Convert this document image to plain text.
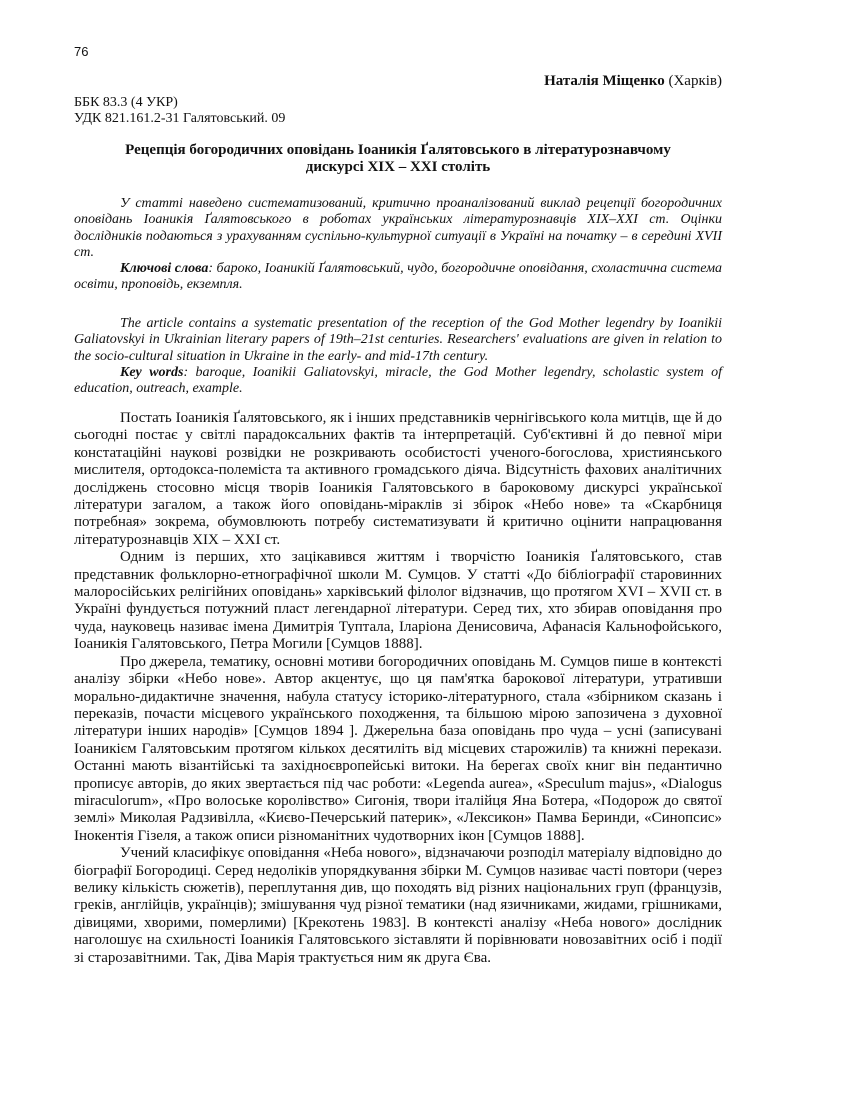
76
Наталія Міщенко (Харків)
ББК 83.3 (4 УКР)
УДК 821.161.2-31 Галятовський. 09
Рецепція богородичних оповідань Іоаникія Ґалятовського в літературознавчому
дискурсі ХІХ – ХХІ століть

У статті наведено систематизований, критично проаналізований виклад рецепції богородичних оповідань Іоаникія Ґалятовського в роботах українських літературознавців ХІХ–ХХІ ст. Оцінки дослідників подаються з урахуванням суспільно-культурної ситуації в Україні на початку – в середині XVII ст.

Ключові слова: бароко, Іоаникій Ґалятовський, чудо, богородичне оповідання, схоластична система освіти, проповідь, екземпля.

The article contains a systematic presentation of the reception of the God Mother legendry by Ioanikii Galiatovskyi in Ukrainian literary papers of 19th–21st centuries. Researchers' evaluations are given in relation to the socio-cultural situation in Ukraine in the early- and mid-17th century.

Key words: baroque, Ioanikii Galiatovskyi, miracle, the God Mother legendry, scholastic system of education, outreach, example.

Постать Іоаникія Ґалятовського, як і інших представників чернігівського кола митців, ще й до сьогодні постає у світлі парадоксальних фактів та інтерпретацій. Суб'єктивні й до певної міри констатаційні наукові розвідки не розкривають особистості ученого-богослова, християнського мислителя, ортодокса-полеміста та активного громадського діяча. Відсутність фахових аналітичних досліджень стосовно місця творів Іоаникія Галятовського в бароковому дискурсі української літератури загалом, а також його оповідань-міраклів зі збірок «Небо нове» та «Скарбниця потребная» зокрема, обумовлюють потребу систематизувати й критично оцінити напрацювання літературознавців ХІХ – ХХІ ст.

Одним із перших, хто зацікавився життям і творчістю Іоаникія Ґалятовського, став представник фольклорно-етнографічної школи М. Сумцов. У статті «До бібліографії старовинних малоросійських релігійних оповідань» харківський філолог відзначив, що протягом XVI – XVII ст. в Україні фундується потужний пласт легендарної літератури. Серед тих, хто збирав оповідання про чуда, науковець називає імена Димитрія Туптала, Іларіона Денисовича, Афанасія Кальнофойського, Іоаникія Галятовського, Петра Могили [Сумцов 1888].

Про джерела, тематику, основні мотиви богородичних оповідань М. Сумцов пише в контексті аналізу збірки «Небо нове». Автор акцентує, що ця пам'ятка барокової літератури, утративши морально-дидактичне значення, набула статусу історико-літературного, стала «збірником сказань і переказів, почасти місцевого українського походження, та більшою мірою запозичена з духовної літератури інших народів» [Сумцов 1894 ]. Джерельна база оповідань про чуда – усні (записувані Іоаникієм Галятовським протягом кількох десятиліть від місцевих старожилів) та книжні перекази. Останні мають візантійські та західноєвропейські витоки. На берегах своїх книг він педантично прописує авторів, до яких звертається під час роботи: «Legenda aurea», «Speculum majus», «Dialogus miraculorum», «Про волоське королівство» Сигонія, твори італійця Яна Ботера, «Подорож до святої землі» Миколая Радзивілла, «Києво-Печерський патерик», «Лексикон» Памва Беринди, «Синопсис» Інокентія Гізеля, а також описи різноманітних чудотворних ікон [Сумцов 1888].

Учений класифікує оповідання «Неба нового», відзначаючи розподіл матеріалу відповідно до біографії Богородиці. Серед недоліків упорядкування збірки М. Сумцов називає часті повтори (через велику кількість сюжетів), переплутання див, що походять від різних національних груп (французів, греків, англійців, українців); змішування чуд різної тематики (над язичниками, жидами, грішниками, дівицями, хворими, померлими) [Крекотень 1983]. В контексті аналізу «Неба нового» дослідник наголошує на схильності Іоаникія Галятовського зіставляти й порівнювати новозавітних осіб і події зі старозавітними. Так, Діва Марія трактується ним як друга Єва.
